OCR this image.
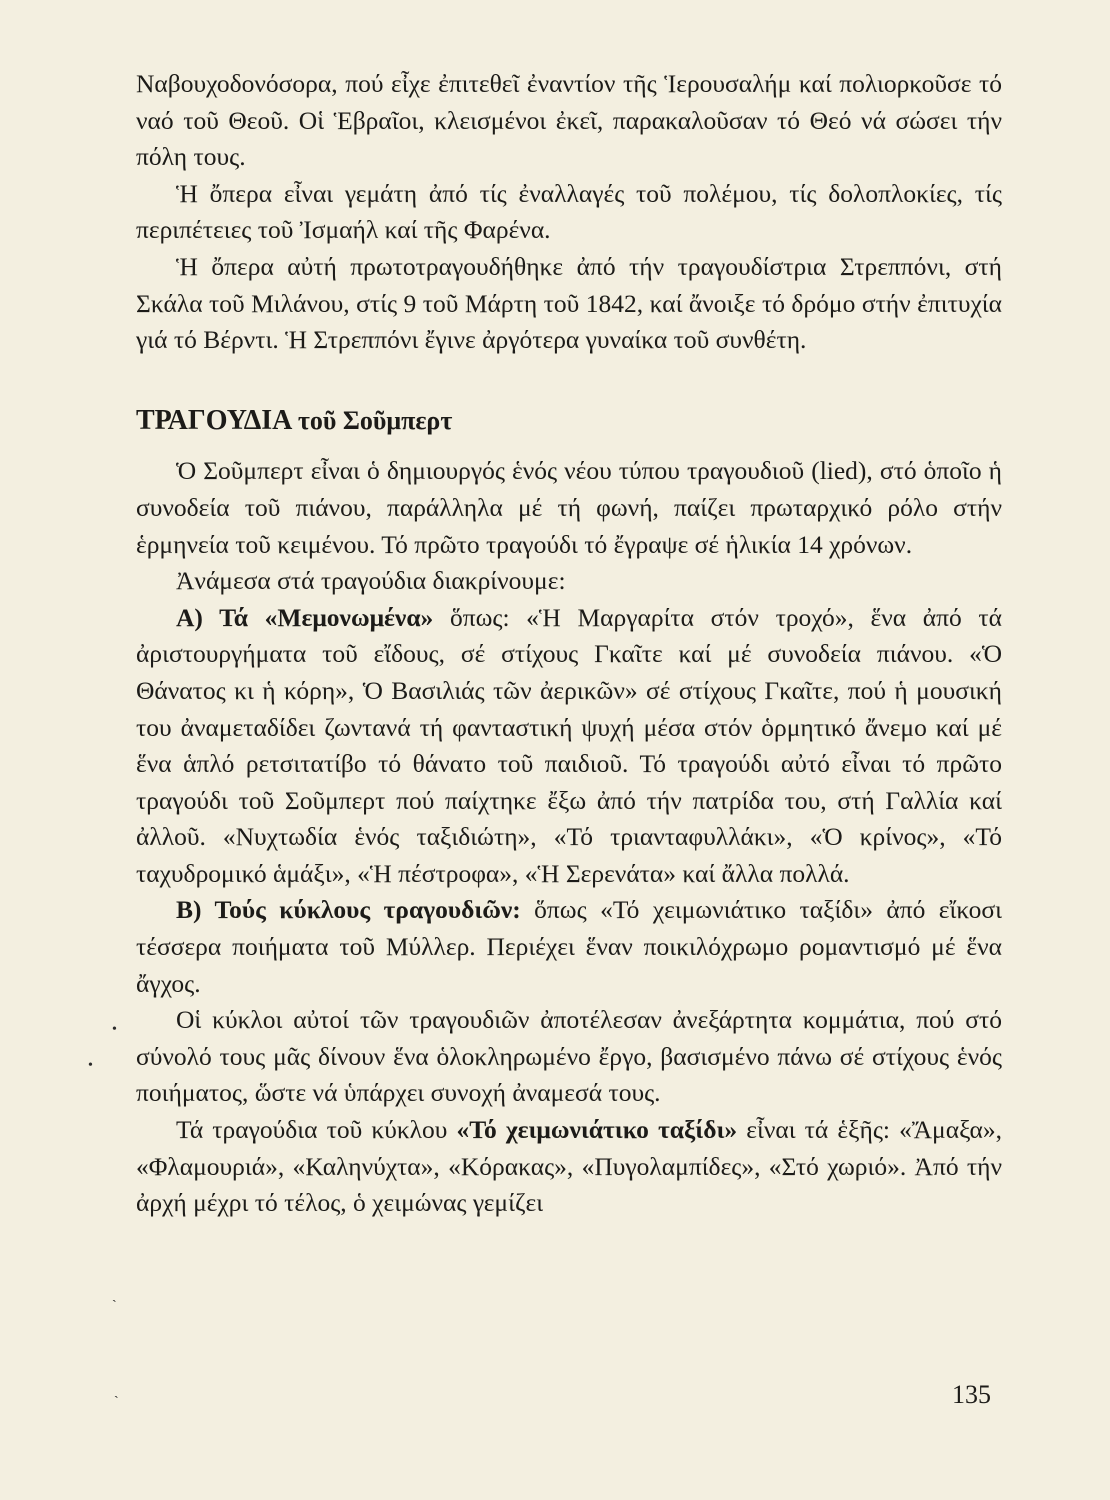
Ναβουχοδονόσορα, πού εἶχε ἐπιτεθεῖ ἐναντίον τῆς Ἱερουσαλήμ καί πολιορκοῦσε τό ναό τοῦ Θεοῦ. Οἱ Ἑβραῖοι, κλεισμένοι ἐκεῖ, παρακαλοῦσαν τό Θεό νά σώσει τήν πόλη τους.

Ἡ ὄπερα εἶναι γεμάτη ἀπό τίς ἐναλλαγές τοῦ πολέμου, τίς δολοπλοκίες, τίς περιπέτειες τοῦ Ἰσμαήλ καί τῆς Φαρένα.

Ἡ ὄπερα αὐτή πρωτοτραγουδήθηκε ἀπό τήν τραγουδίστρια Στρεππόνι, στή Σκάλα τοῦ Μιλάνου, στίς 9 τοῦ Μάρτη τοῦ 1842, καί ἄνοιξε τό δρόμο στήν ἐπιτυχία γιά τό Βέρντι. Ἡ Στρεππόνι ἔγινε ἀργότερα γυναίκα τοῦ συνθέτη.

ΤΡΑΓΟΥΔΙΑ τοῦ Σοῦμπερτ

Ὁ Σοῦμπερτ εἶναι ὁ δημιουργός ἑνός νέου τύπου τραγουδιοῦ (lied), στό ὁποῖο ἡ συνοδεία τοῦ πιάνου, παράλληλα μέ τή φωνή, παίζει πρωταρχικό ρόλο στήν ἑρμηνεία τοῦ κειμένου. Τό πρῶτο τραγούδι τό ἔγραψε σέ ἡλικία 14 χρόνων.

Ἀνάμεσα στά τραγούδια διακρίνουμε:

Α) Τά «Μεμονωμένα» ὅπως: «Ἡ Μαργαρίτα στόν τροχό», ἕνα ἀπό τά ἀριστουργήματα τοῦ εἴδους, σέ στίχους Γκαῖτε καί μέ συνοδεία πιάνου. «Ὁ Θάνατος κι ἡ κόρη», Ὁ Βασιλιάς τῶν ἀερικῶν» σέ στίχους Γκαῖτε, πού ἡ μουσική του ἀναμεταδίδει ζωντανά τή φανταστική ψυχή μέσα στόν ὁρμητικό ἄνεμο καί μέ ἕνα ἁπλό ρετσιτατίβο τό θάνατο τοῦ παιδιοῦ. Τό τραγούδι αὐτό εἶναι τό πρῶτο τραγούδι τοῦ Σοῦμπερτ πού παίχτηκε ἔξω ἀπό τήν πατρίδα του, στή Γαλλία καί ἀλλοῦ. «Νυχτωδία ἑνός ταξιδιώτη», «Τό τριανταφυλλάκι», «Ὁ κρίνος», «Τό ταχυδρομικό ἁμάξι», «Ἡ πέστροφα», «Ἡ Σερενάτα» καί ἄλλα πολλά.

Β) Τούς κύκλους τραγουδιῶν: ὅπως «Τό χειμωνιάτικο ταξίδι» ἀπό εἴκοσι τέσσερα ποιήματα τοῦ Μύλλερ. Περιέχει ἕναν ποικιλόχρωμο ρομαντισμό μέ ἕνα ἄγχος.

Οἱ κύκλοι αὐτοί τῶν τραγουδιῶν ἀποτέλεσαν ἀνεξάρτητα κομμάτια, πού στό σύνολό τους μᾶς δίνουν ἕνα ὁλοκληρωμένο ἔργο, βασισμένο πάνω σέ στίχους ἑνός ποιήματος, ὥστε νά ὑπάρχει συνοχή ἀναμεσά τους.

Τά τραγούδια τοῦ κύκλου «Τό χειμωνιάτικο ταξίδι» εἶναι τά ἑξῆς: «Ἄμαξα», «Φλαμουριά», «Καληνύχτα», «Κόρακας», «Πυγολαμπίδες», «Στό χωριό». Ἀπό τήν ἀρχή μέχρι τό τέλος, ὁ χειμώνας γεμίζει

135
•
•
ˎ
ˏ
